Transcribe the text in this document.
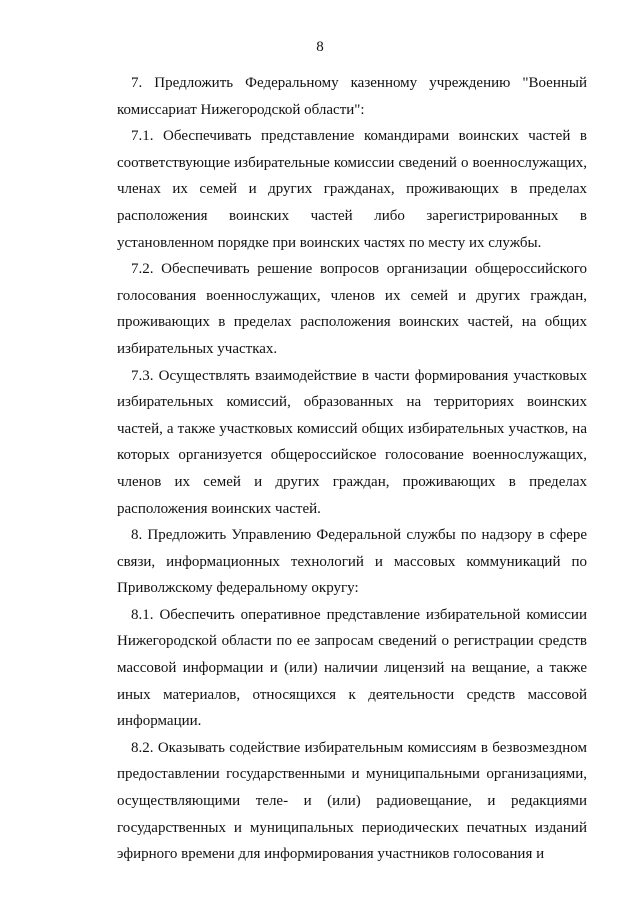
8

7. Предложить Федеральному казенному учреждению "Военный комиссариат Нижегородской области":

7.1. Обеспечивать представление командирами воинских частей в соответствующие избирательные комиссии сведений о военнослужащих, членах их семей и других гражданах, проживающих в пределах расположения воинских частей либо зарегистрированных в установленном порядке при воинских частях по месту их службы.

7.2. Обеспечивать решение вопросов организации общероссийского голосования военнослужащих, членов их семей и других граждан, проживающих в пределах расположения воинских частей, на общих избирательных участках.

7.3. Осуществлять взаимодействие в части формирования участковых избирательных комиссий, образованных на территориях воинских частей, а также участковых комиссий общих избирательных участков, на которых организуется общероссийское голосование военнослужащих, членов их семей и других граждан, проживающих в пределах расположения воинских частей.

8. Предложить Управлению Федеральной службы по надзору в сфере связи, информационных технологий и массовых коммуникаций по Приволжскому федеральному округу:

8.1. Обеспечить оперативное представление избирательной комиссии Нижегородской области по ее запросам сведений о регистрации средств массовой информации и (или) наличии лицензий на вещание, а также иных материалов, относящихся к деятельности средств массовой информации.

8.2. Оказывать содействие избирательным комиссиям в безвозмездном предоставлении государственными и муниципальными организациями, осуществляющими теле- и (или) радиовещание, и редакциями государственных и муниципальных периодических печатных изданий эфирного времени для информирования участников голосования и
